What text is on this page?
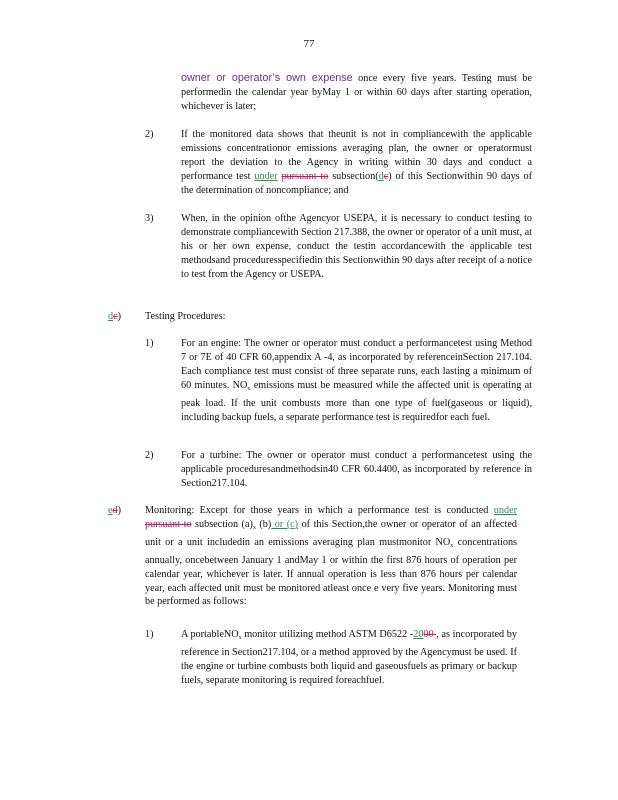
77

owner or operator’s own expense once every five years. Testing must be performedin the calendar year byMay 1 or within 60 days after starting operation, whichever is later;

2)	If the monitored data shows that theunit is not in compliancewith the applicable emissions concentrationor emissions averaging plan, the owner or operatormust report the deviation to the Agency in writing within 30 days and conduct a performance test under pursuant to subsection(dc) of this Sectionwithin 90 days of the determination of noncompliance; and

3)	When, in the opinion ofthe Agencyor USEPA, it is necessary to conduct testing to demonstrate compliancewith Section 217.388, the owner or operator of a unit must, at his or her own expense, conduct the testin accordancewith the applicable test methodsand proceduresspecifiedin this Sectionwithin 90 days after receipt of a notice to test from the Agency or USEPA.

dc) Testing Procedures:
1)	For an engine: The owner or operator must conduct a performancetest using Method 7 or 7E of 40 CFR 60,appendix A -4, as incorporated by referenceinSection 217.104. Each compliance test must consist of three separate runs, each lasting a minimum of 60 minutes. $NO_x$ emissions must be measured while the affected unit is operating at peak load. If the unit combusts more than one type of fuel(gaseous or liquid), including backup fuels, a separate performance test is requiredfor each fuel.

2)	For a turbine: The owner or operator must conduct a performancetest using the applicable proceduresandmethodsin40 CFR 60.4400, as incorporated by reference in Section217.104.

ed) Monitoring: Except for those years in which a performance test is conducted under pursuant to subsection $(a)_x$ (b) or (c) of this Section,the owner or operator of an affected unit or a unit includedin an emissions averaging plan mustmonitor $NO_x$ concentrations annually, oncebetween January 1 andMay 1 or within the first 876 hours of operation per calendar year, whichever is later. If annual operation is less than 876 hours per calendar year, each affected unit must be monitored atleast once e very five years. Monitoring must be performed as follows:

1)	A portableNO$_x$ monitor utilizing method ASTM D6522 -2000 , as incorporated by reference in Section217.104, or a method approved by the Agencymust be used. If the engine or turbine combusts both liquid and gaseousfuels as primary or backup fuels, separate monitoring is required foreachfuel.
